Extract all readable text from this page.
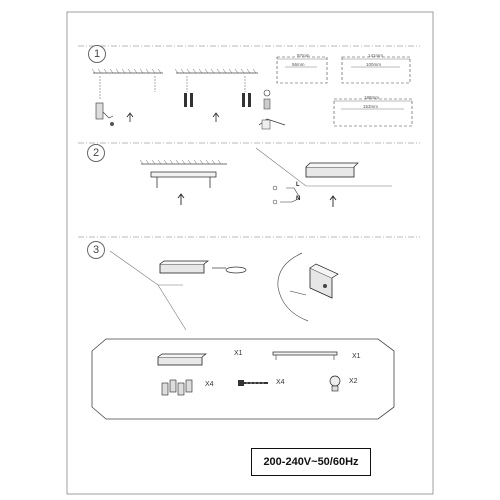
1
2
3
97mm
56mm
141mm
100mm
188mm
153mm
L
N
X1	X1
X4	X4	X2
200-240V~50/60Hz
